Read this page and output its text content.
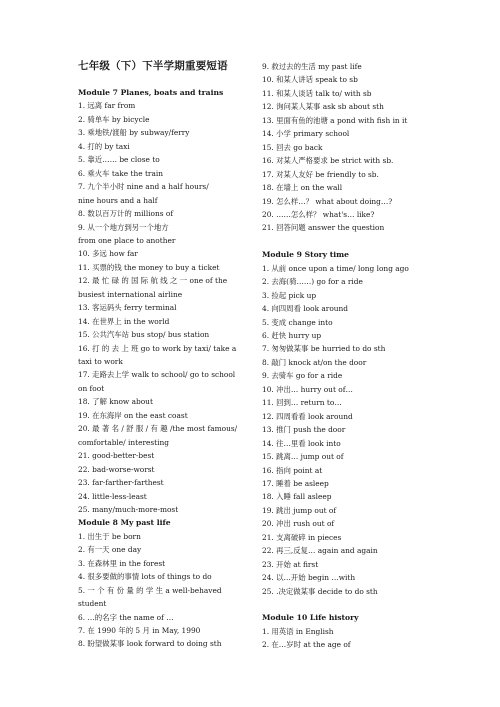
七年级（下）下半学期重要短语
Module 7 Planes, boats and trains
1. 远离 far from
2. 骑单车 by bicycle
3. 乘地铁/渡船 by subway/ferry
4. 打的 by taxi
5. 靠近…… be close to
6. 乘火车 take the train
7. 九个半小时 nine and a half hours/
nine hours and a half
8. 数以百万计的 millions of
9. 从一个地方到另一个地方
from one place to another
10. 多远 how far
11. 买票的钱 the money to buy a ticket
12. 最 忙 碌 的 国 际 航 线 之 一 one of the
busiest international airline
13. 客运码头 ferry terminal
14. 在世界上 in the world
15. 公共汽车站 bus stop/ bus station
16. 打 的 去 上 班 go to work by taxi/ take a
taxi to work
17. 走路去上学 walk to school/ go to school
on foot
18. 了解 know about
19. 在东海岸 on the east coast
20. 最 著 名 / 舒 服 / 有 趣 /the most famous/
comfortable/ interesting
21. good-better-best
22. bad-worse-worst
23. far-farther-farthest
24. little-less-least
25. many/much-more-most
Module 8 My past life
1. 出生于 be born
2. 有一天 one day
3. 在森林里 in the forest
4. 很多要做的事情 lots of things to do
5. 一 个 有 份 量 的 学 生 a well-behaved
student
6. …的名字 the name of …
7. 在 1990 年的 5 月 in May, 1990
8. 盼望做某事 look forward to doing sth
9. 救过去的生活 my past life
10. 和某人讲话 speak to sb
11. 和某人谈话 talk to/ with sb
12. 询问某人某事 ask sb about sth
13. 里面有鱼的池塘 a pond with fish in it
14. 小学 primary school
15. 回去 go back
16. 对某人严格要求 be strict with sb.
17. 对某人友好 be friendly to sb.
18. 在墙上 on the wall
19. 怎么样…？ what about doing…?
20. ……怎么样？ what's… like?
21. 回答问题 answer the question
Module 9 Story time
1. 从前 once upon a time/ long long ago
2. 去海(骑……) go for a ride
3. 捡起 pick up
4. 向四周看 look around
5. 变成 change into
6. 赶快 hurry up
7. 匆匆做某事 be hurried to do sth
8. 敲门 knock at/on the door
9. 去骑车 go for a ride
10. 冲出… hurry out of…
11. 回到… return to…
12. 四周看看 look around
13. 推门 push the door
14. 往…里看 look into
15. 跳离… jump out of
16. 指向 point at
17. 睡着 be asleep
18. 入睡 fall asleep
19. 跳出 jump out of
20. 冲出 rush out of
21. 支离破碎 in pieces
22. 再三,反复… again and again
23. 开始 at first
24. 以…开始 begin …with
25. .决定做某事 decide to do sth
Module 10 Life history
1. 用英语 in English
2. 在…岁时 at the age of
